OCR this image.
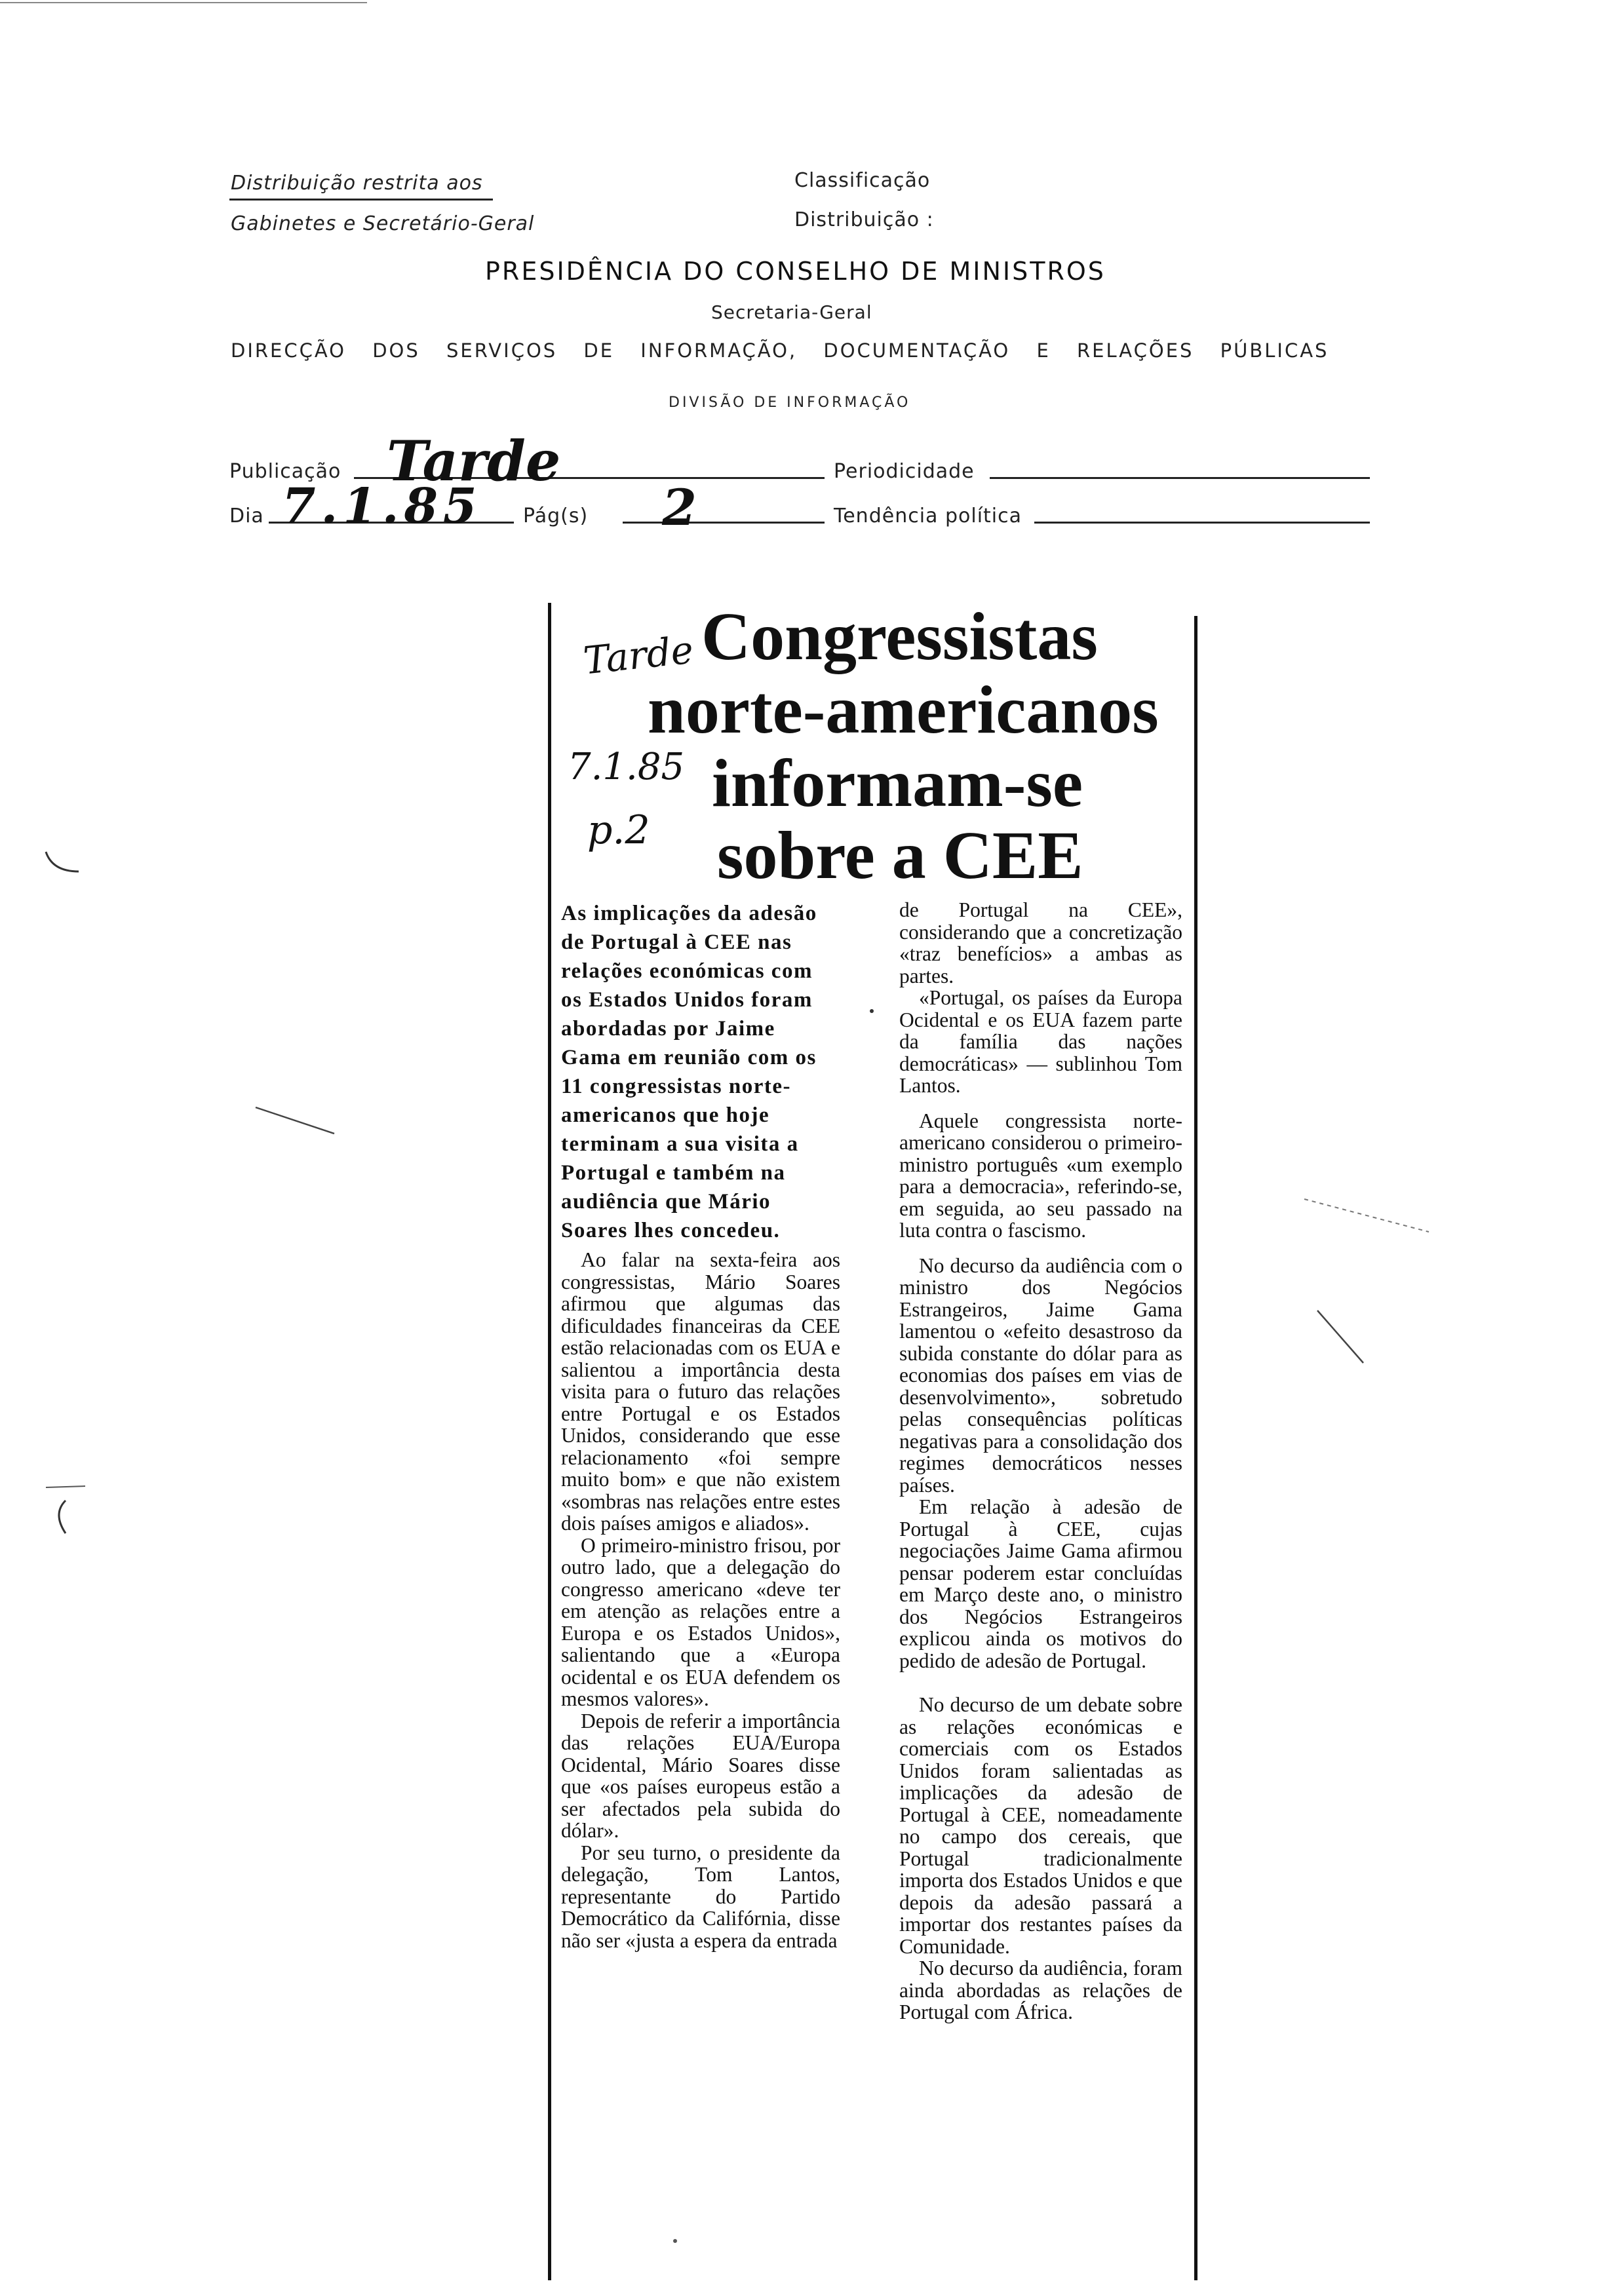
Distribuição restrita aos
Gabinetes e Secretário-Geral
Classificação
Distribuição :
PRESIDÊNCIA DO CONSELHO DE MINISTROS
Secretaria-Geral
DIRECÇÃO DOS SERVIÇOS DE INFORMAÇÃO, DOCUMENTAÇÃO E RELAÇÕES PÚBLICAS
DIVISÃO DE INFORMAÇÃO
Publicação Tarde	Periodicidade
Dia 7.1.85 Pág(s) 2	Tendência política
Tarde
7.1.85
p.2
Congressistas
norte-americanos
informam-se
sobre a CEE
As implicações da adesão de Portugal à CEE nas relações económicas com os Estados Unidos foram abordadas por Jaime Gama em reunião com os 11 congressistas norte-americanos que hoje terminam a sua visita a Portugal e também na audiência que Mário Soares lhes concedeu.

Ao falar na sexta-feira aos congressistas, Mário Soares afirmou que algumas das dificuldades financeiras da CEE estão relacionadas com os EUA e salientou a importância desta visita para o futuro das relações entre Portugal e os Estados Unidos, considerando que esse relacionamento «foi sempre muito bom» e que não existem «sombras nas relações entre estes dois países amigos e aliados».

O primeiro-ministro frisou, por outro lado, que a delegação do congresso americano «deve ter em atenção as relações entre a Europa e os Estados Unidos», salientando que a «Europa ocidental e os EUA defendem os mesmos valores».

Depois de referir a importância das relações EUA/Europa Ocidental, Mário Soares disse que «os países europeus estão a ser afectados pela subida do dólar».

Por seu turno, o presidente da delegação, Tom Lantos, representante do Partido Democrático da Califórnia, disse não ser «justa a espera da entrada

de Portugal na CEE», considerando que a concretização «traz benefícios» a ambas as partes.

«Portugal, os países da Europa Ocidental e os EUA fazem parte da família das nações democráticas» — sublinhou Tom Lantos.

Aquele congressista norte-americano considerou o primeiro-ministro português «um exemplo para a democracia», referindo-se, em seguida, ao seu passado na luta contra o fascismo.

No decurso da audiência com o ministro dos Negócios Estrangeiros, Jaime Gama lamentou o «efeito desastroso da subida constante do dólar para as economias dos países em vias de desenvolvimento», sobretudo pelas consequências políticas negativas para a consolidação dos regimes democráticos nesses países.

Em relação à adesão de Portugal à CEE, cujas negociações Jaime Gama afirmou pensar poderem estar concluídas em Março deste ano, o ministro dos Negócios Estrangeiros explicou ainda os motivos do pedido de adesão de Portugal.

No decurso de um debate sobre as relações económicas e comerciais com os Estados Unidos foram salientadas as implicações da adesão de Portugal à CEE, nomeadamente no campo dos cereais, que Portugal tradicionalmente importa dos Estados Unidos e que depois da adesão passará a importar dos restantes países da Comunidade.

No decurso da audiência, foram ainda abordadas as relações de Portugal com África.
